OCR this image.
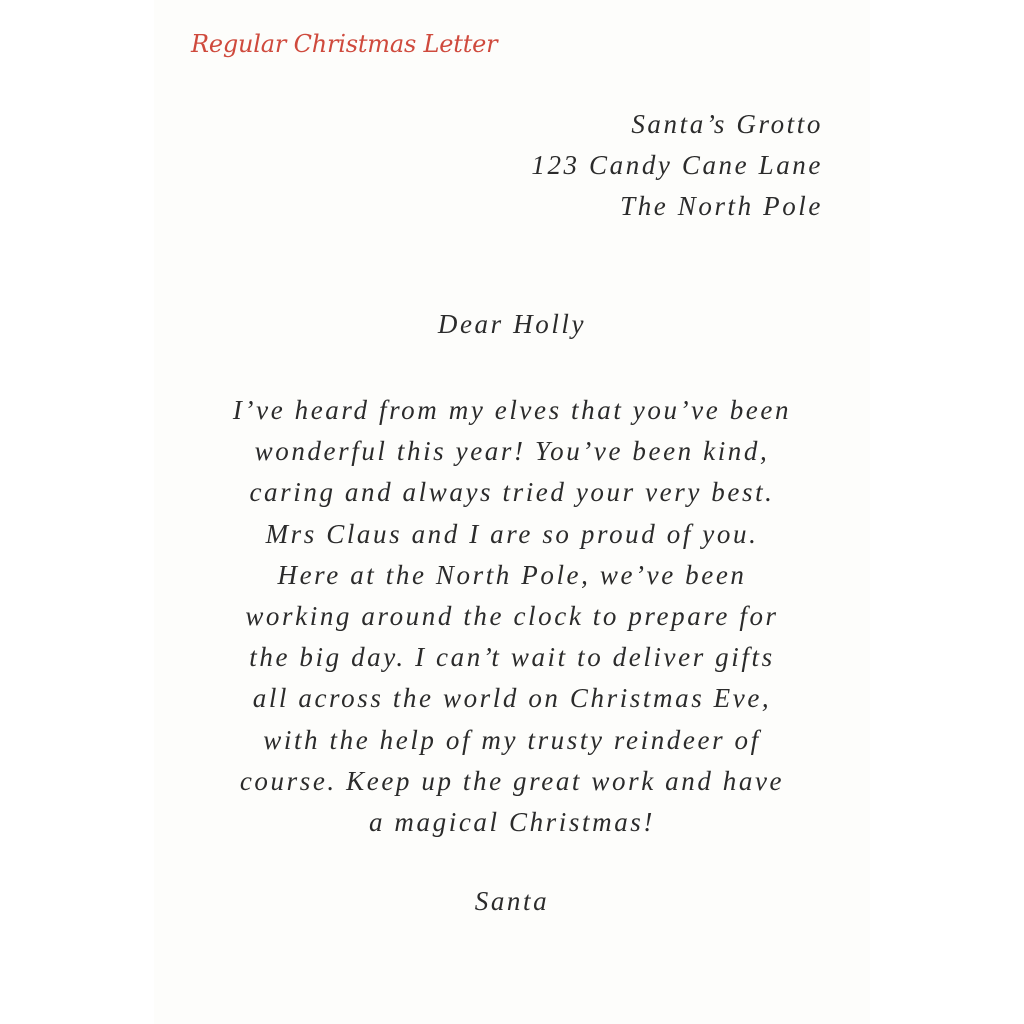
Regular Christmas Letter
Santa’s Grotto
123 Candy Cane Lane
The North Pole
Dear Holly
I’ve heard from my elves that you’ve been
wonderful this year! You’ve been kind,
caring and always tried your very best.
Mrs Claus and I are so proud of you.
Here at the North Pole, we’ve been
working around the clock to prepare for
the big day. I can’t wait to deliver gifts
all across the world on Christmas Eve,
with the help of my trusty reindeer of
course. Keep up the great work and have
a magical Christmas!
Santa
